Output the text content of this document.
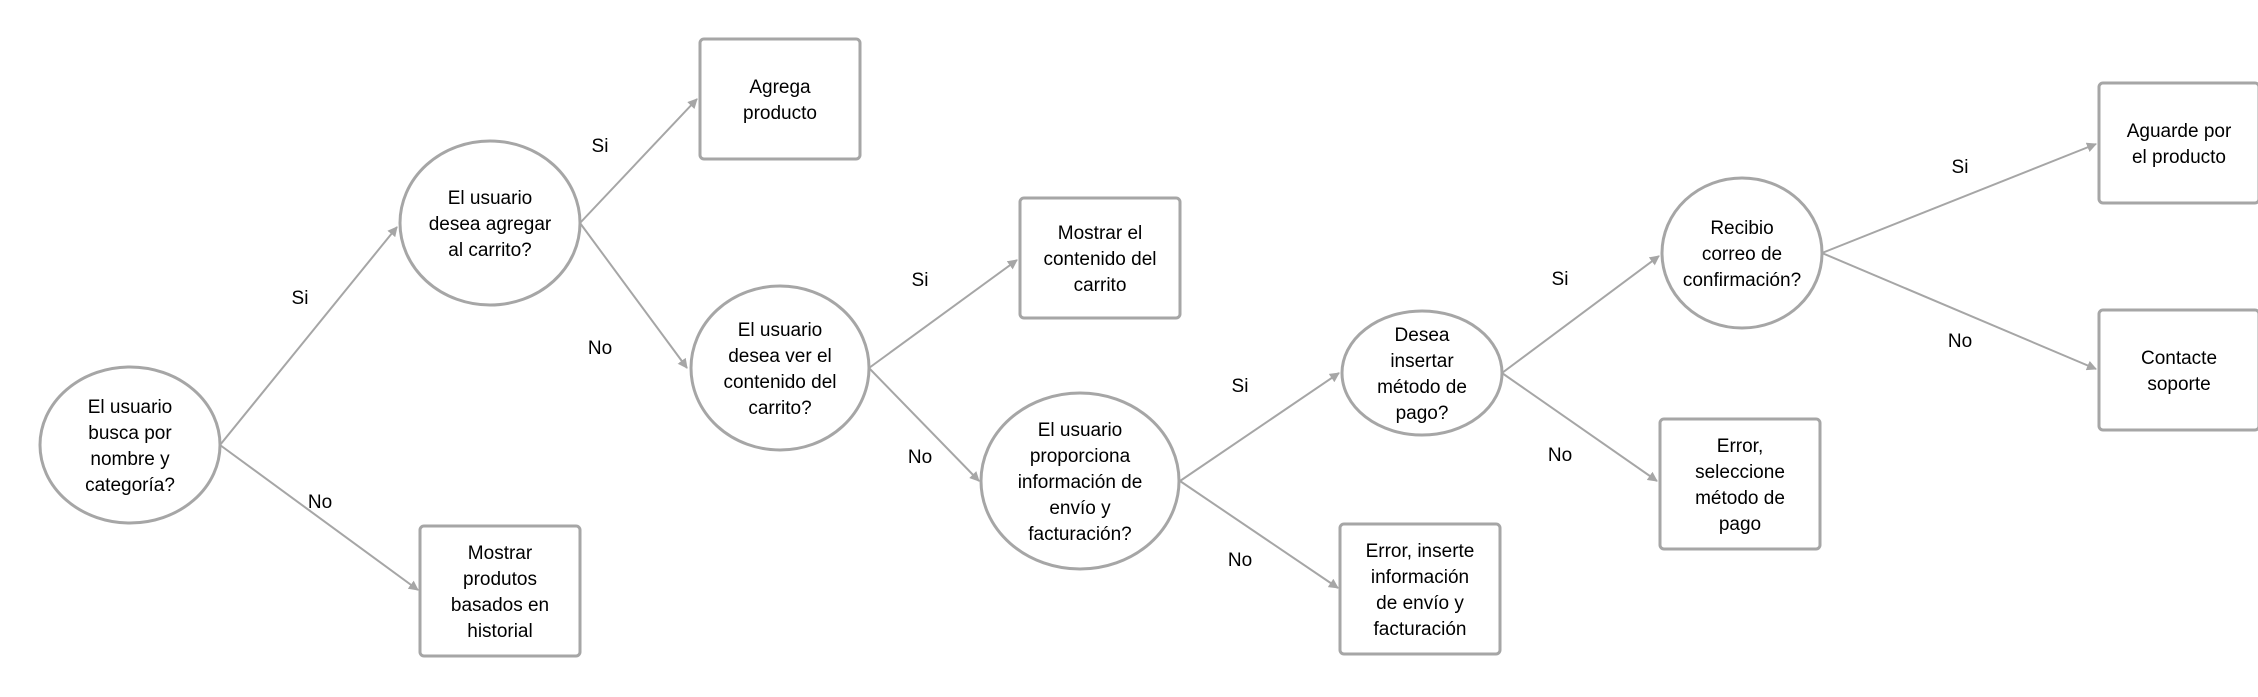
Si
No
Si
No
Si
No
Si
No
Si
No
Si
No
El usuario busca por nombre y categoría?
El usuario desea agregar al carrito?
Mostrar produtos basados en historial
Agrega producto
El usuario desea ver el contenido del carrito?
Mostrar el contenido del carrito
El usuario proporciona información de envío y facturación?
Desea insertar método de pago?
Error, inserte información de envío y facturación
Recibio correo de confirmación?
Error, seleccione método de pago
Aguarde por el producto
Contacte soporte
